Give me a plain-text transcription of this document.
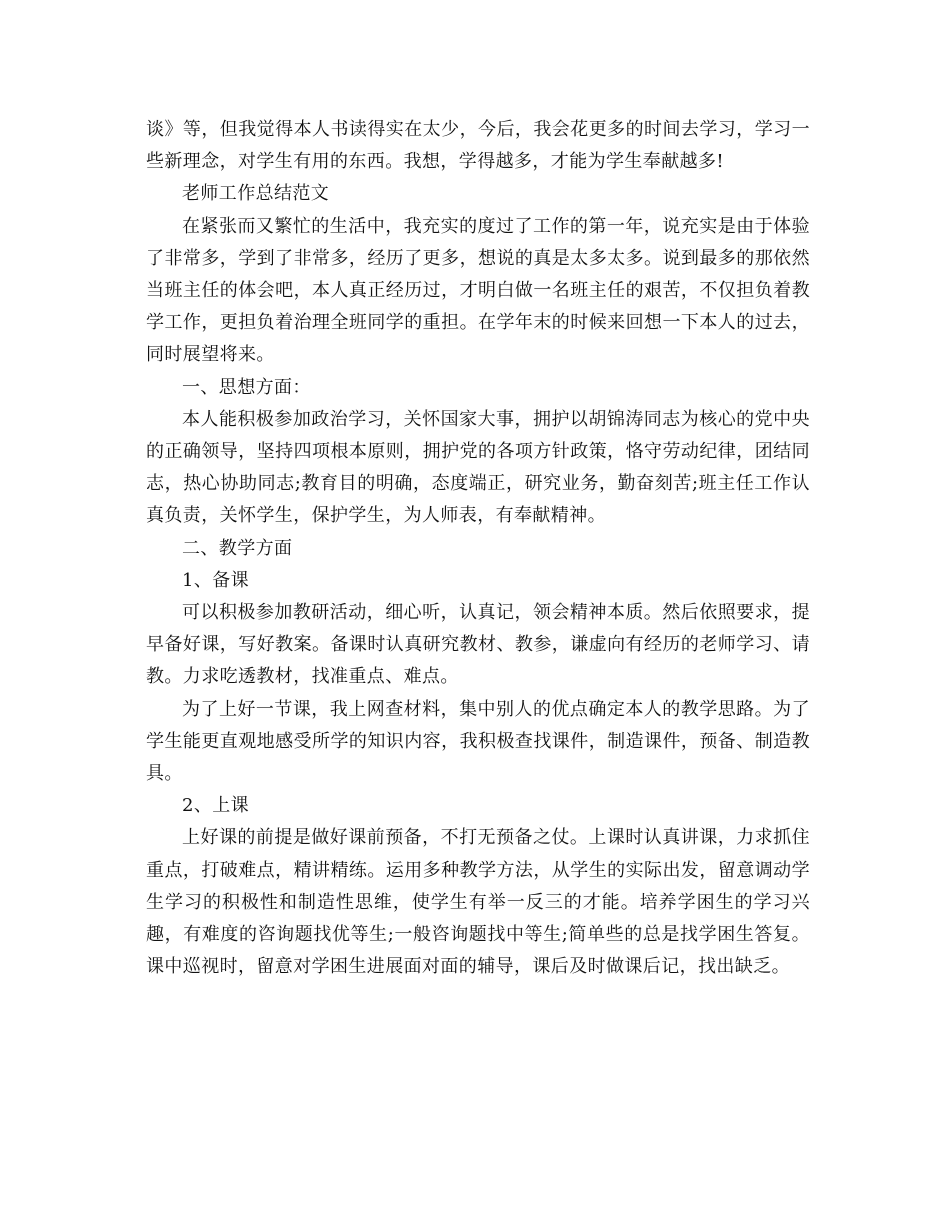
谈》等，但我觉得本人书读得实在太少，今后，我会花更多的时间去学习，学习一些新理念，对学生有用的东西。我想，学得越多，才能为学生奉献越多!

老师工作总结范文

在紧张而又繁忙的生活中，我充实的度过了工作的第一年，说充实是由于体验了非常多，学到了非常多，经历了更多，想说的真是太多太多。说到最多的那依然当班主任的体会吧，本人真正经历过，才明白做一名班主任的艰苦，不仅担负着教学工作，更担负着治理全班同学的重担。在学年末的时候来回想一下本人的过去，同时展望将来。

一、思想方面：

本人能积极参加政治学习，关怀国家大事，拥护以胡锦涛同志为核心的党中央的正确领导，坚持四项根本原则，拥护党的各项方针政策，恪守劳动纪律，团结同志，热心协助同志;教育目的明确，态度端正，研究业务，勤奋刻苦;班主任工作认真负责，关怀学生，保护学生，为人师表，有奉献精神。

二、教学方面

1、备课

可以积极参加教研活动，细心听，认真记，领会精神本质。然后依照要求，提早备好课，写好教案。备课时认真研究教材、教参，谦虚向有经历的老师学习、请教。力求吃透教材，找准重点、难点。

为了上好一节课，我上网查材料，集中别人的优点确定本人的教学思路。为了学生能更直观地感受所学的知识内容，我积极查找课件，制造课件，预备、制造教具。

2、上课

上好课的前提是做好课前预备，不打无预备之仗。上课时认真讲课，力求抓住重点，打破难点，精讲精练。运用多种教学方法，从学生的实际出发，留意调动学生学习的积极性和制造性思维，使学生有举一反三的才能。培养学困生的学习兴趣，有难度的咨询题找优等生;一般咨询题找中等生;简单些的总是找学困生答复。课中巡视时，留意对学困生进展面对面的辅导，课后及时做课后记，找出缺乏。
